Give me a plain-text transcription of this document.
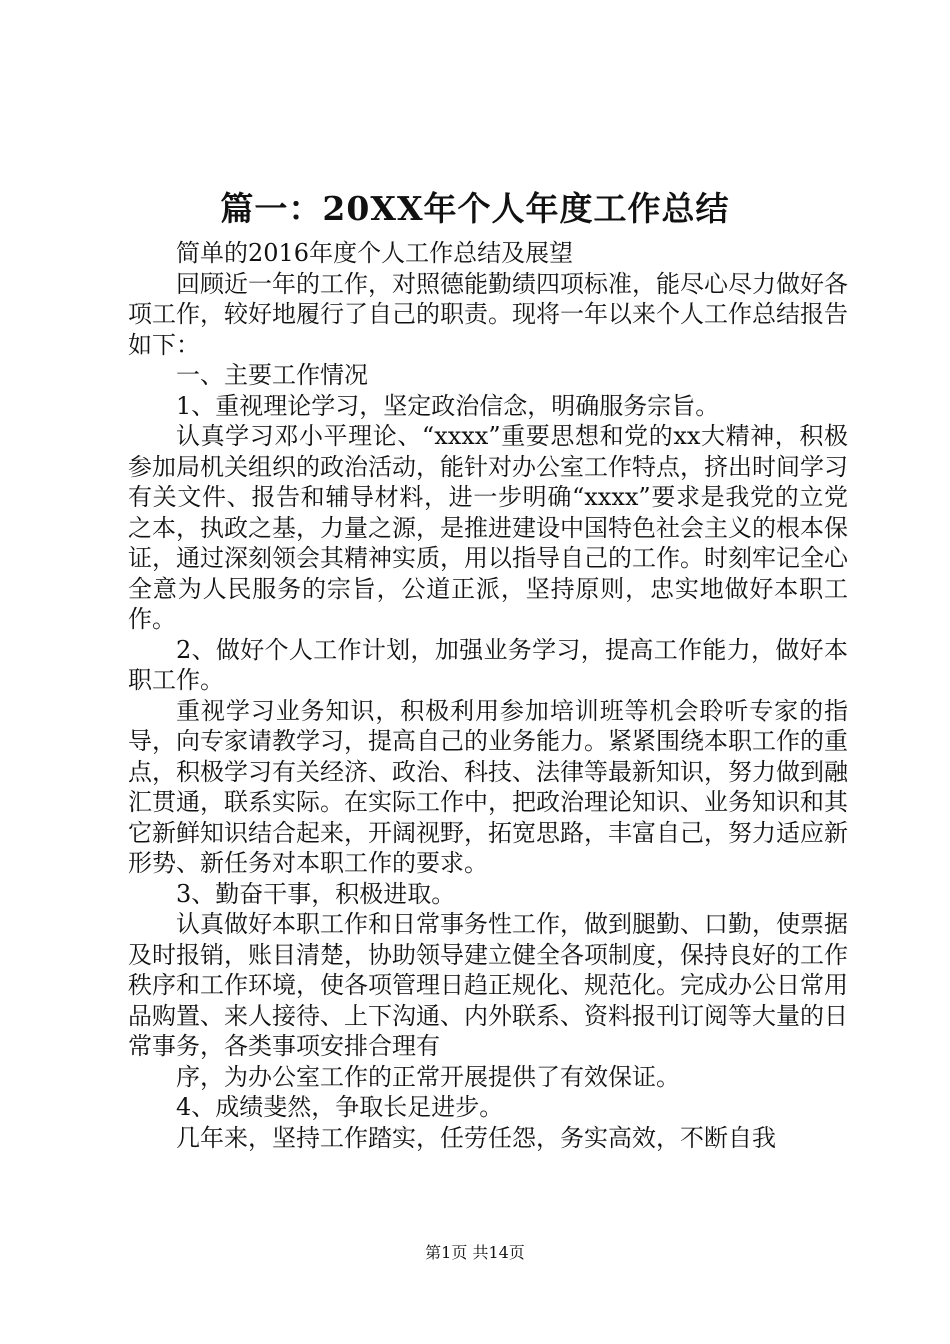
篇一：20XX年个人年度工作总结

简单的2016年度个人工作总结及展望

回顾近一年的工作，对照德能勤绩四项标准，能尽心尽力做好各项工作，较好地履行了自己的职责。现将一年以来个人工作总结报告如下：

一、主要工作情况

1、重视理论学习，坚定政治信念，明确服务宗旨。

认真学习邓小平理论、“xxxx”重要思想和党的xx大精神，积极参加局机关组织的政治活动，能针对办公室工作特点，挤出时间学习有关文件、报告和辅导材料，进一步明确“xxxx”要求是我党的立党之本，执政之基，力量之源，是推进建设中国特色社会主义的根本保证，通过深刻领会其精神实质，用以指导自己的工作。时刻牢记全心全意为人民服务的宗旨，公道正派，坚持原则，忠实地做好本职工作。

2、做好个人工作计划，加强业务学习，提高工作能力，做好本职工作。

重视学习业务知识，积极利用参加培训班等机会聆听专家的指导，向专家请教学习，提高自己的业务能力。紧紧围绕本职工作的重点，积极学习有关经济、政治、科技、法律等最新知识，努力做到融汇贯通，联系实际。在实际工作中，把政治理论知识、业务知识和其它新鲜知识结合起来，开阔视野，拓宽思路，丰富自己，努力适应新形势、新任务对本职工作的要求。

3、勤奋干事，积极进取。

认真做好本职工作和日常事务性工作，做到腿勤、口勤，使票据及时报销，账目清楚，协助领导建立健全各项制度，保持良好的工作秩序和工作环境，使各项管理日趋正规化、规范化。完成办公日常用品购置、来人接待、上下沟通、内外联系、资料报刊订阅等大量的日常事务，各类事项安排合理有

序，为办公室工作的正常开展提供了有效保证。

4、成绩斐然，争取长足进步。

几年来，坚持工作踏实，任劳任怨，务实高效，不断自我

第1页 共14页
